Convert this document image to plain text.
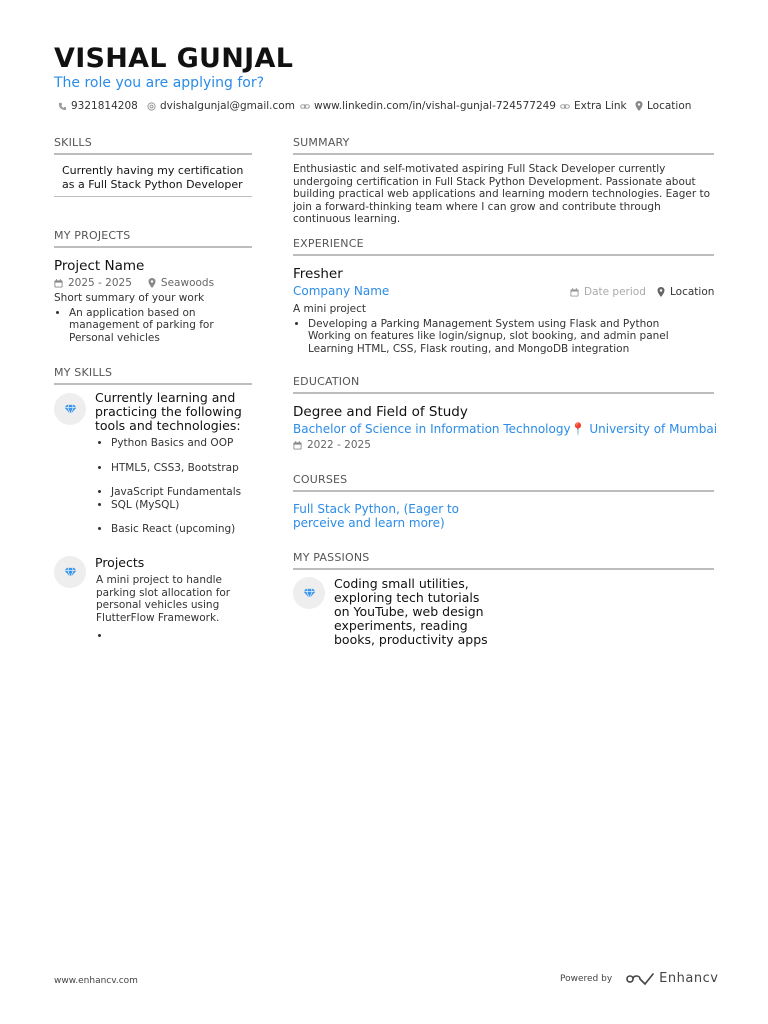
VISHAL GUNJAL
The role you are applying for?
9321814208 dvishalgunjal@gmail.com www.linkedin.com/in/vishal-gunjal-724577249 Extra Link Location
SKILLS
Currently having my certification as a Full Stack Python Developer
MY PROJECTS
Project Name
2025 - 2025	Seawoods
Short summary of your work
• An application based on management of parking for Personal vehicles
MY SKILLS
Currently learning and practicing the following tools and technologies:
• Python Basics and OOP
• HTML5, CSS3, Bootstrap
• JavaScript Fundamentals
• SQL (MySQL)
• Basic React (upcoming)
Projects
A mini project to handle parking slot allocation for personal vehicles using FlutterFlow Framework.
•
SUMMARY
Enthusiastic and self-motivated aspiring Full Stack Developer currently undergoing certification in Full Stack Python Development. Passionate about building practical web applications and learning modern technologies. Eager to join a forward-thinking team where I can grow and contribute through continuous learning.
EXPERIENCE
Fresher
Company Name	Date period Location
A mini project
• Developing a Parking Management System using Flask and Python
Working on features like login/signup, slot booking, and admin panel
Learning HTML, CSS, Flask routing, and MongoDB integration
EDUCATION
Degree and Field of Study
Bachelor of Science in Information Technology📍 University of Mumbai
2022 - 2025
COURSES
Full Stack Python, (Eager to perceive and learn more)
MY PASSIONS
Coding small utilities, exploring tech tutorials on YouTube, web design experiments, reading books, productivity apps
www.enhancv.com	Powered by	Enhancv
